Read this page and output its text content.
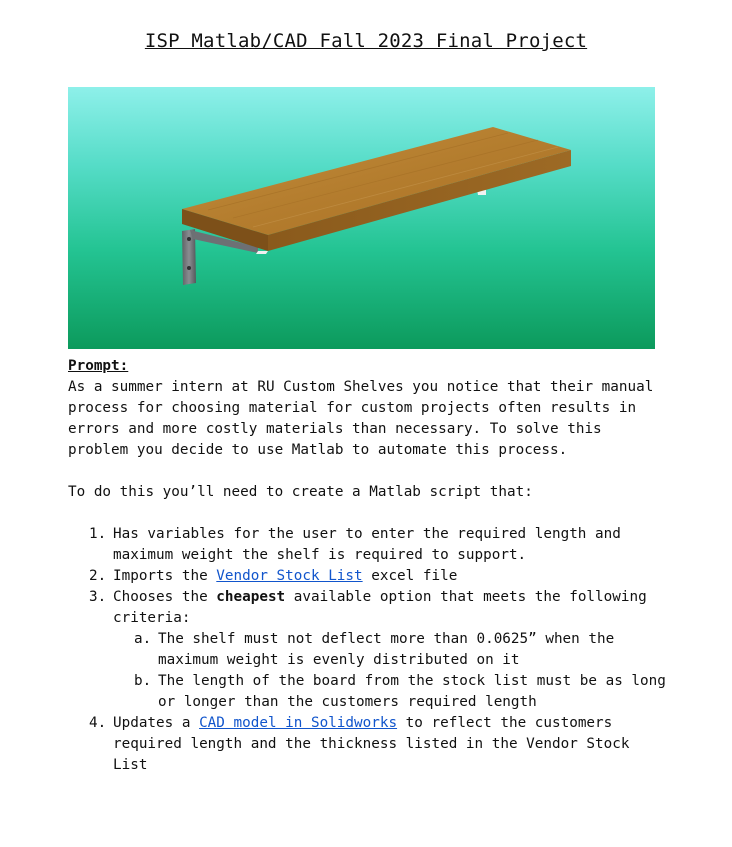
ISP Matlab/CAD Fall 2023 Final Project

Prompt:

As a summer intern at RU Custom Shelves you notice that their manual process for choosing material for custom projects often results in errors and more costly materials than necessary. To solve this problem you decide to use Matlab to automate this process.

To do this you’ll need to create a Matlab script that:

1. Has variables for the user to enter the required length and maximum weight the shelf is required to support.
2. Imports the Vendor Stock List excel file
3. Chooses the cheapest available option that meets the following criteria:
a. The shelf must not deflect more than 0.0625” when the maximum weight is evenly distributed on it
b. The length of the board from the stock list must be as long or longer than the customers required length
4. Updates a CAD model in Solidworks to reflect the customers required length and the thickness listed in the Vendor Stock List
